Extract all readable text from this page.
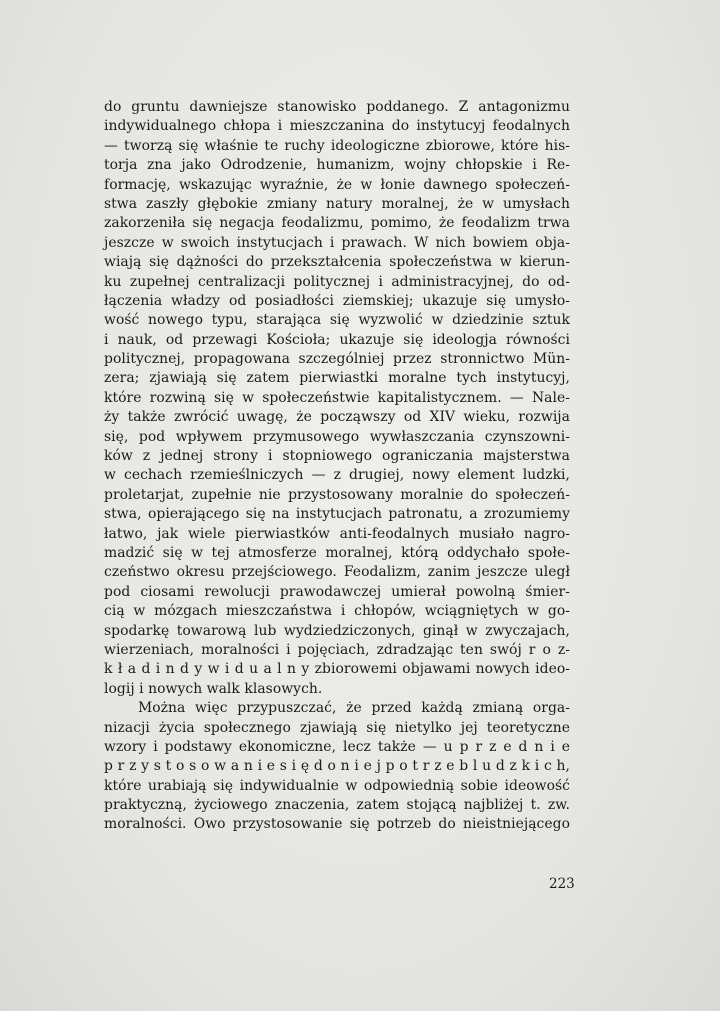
do gruntu dawniejsze stanowisko poddanego. Z antagonizmu
indywidualnego chłopa i mieszczanina do instytucyj feodalnych
— tworzą się właśnie te ruchy ideologiczne zbiorowe, które his-
torja zna jako Odrodzenie, humanizm, wojny chłopskie i Re-
formację, wskazując wyraźnie, że w łonie dawnego społeczeń-
stwa zaszły głębokie zmiany natury moralnej, że w umysłach
zakorzeniła się negacja feodalizmu, pomimo, że feodalizm trwa
jeszcze w swoich instytucjach i prawach. W nich bowiem obja-
wiają się dążności do przekształcenia społeczeństwa w kierun-
ku zupełnej centralizacji politycznej i administracyjnej, do od-
łączenia władzy od posiadłości ziemskiej; ukazuje się umysło-
wość nowego typu, starająca się wyzwolić w dziedzinie sztuk
i nauk, od przewagi Kościoła; ukazuje się ideologja równości
politycznej, propagowana szczególniej przez stronnictwo Mün-
zera; zjawiają się zatem pierwiastki moralne tych instytucyj,
które rozwiną się w społeczeństwie kapitalistycznem. — Nale-
ży także zwrócić uwagę, że począwszy od XIV wieku, rozwija
się, pod wpływem przymusowego wywłaszczania czynszowni-
ków z jednej strony i stopniowego ograniczania majsterstwa
w cechach rzemieślniczych — z drugiej, nowy element ludzki,
proletarjat, zupełnie nie przystosowany moralnie do społeczeń-
stwa, opierającego się na instytucjach patronatu, a zrozumiemy
łatwo, jak wiele pierwiastków anti-feodalnych musiało nagro-
madzić się w tej atmosferze moralnej, którą oddychało społe-
czeństwo okresu przejściowego. Feodalizm, zanim jeszcze uległ
pod ciosami rewolucji prawodawczej umierał powolną śmier-
cią w mózgach mieszczaństwa i chłopów, wciągniętych w go-
spodarkę towarową lub wydziedziczonych, ginął w zwyczajach,
wierzeniach, moralności i pojęciach, zdradzając ten swój r o z-
k ł a d i n d y w i d u a l n y zbiorowemi objawami nowych ideo-
logij i nowych walk klasowych.
Można więc przypuszczać, że przed każdą zmianą orga-
nizacji życia społecznego zjawiają się nietylko jej teoretyczne
wzory i podstawy ekonomiczne, lecz także — u p r z e d n i e
p r z y s t o s o w a n i e s i ę d o n i e j p o t r z e b l u d z k i c h,
które urabiają się indywidualnie w odpowiednią sobie ideowość
praktyczną, życiowego znaczenia, zatem stojącą najbliżej t. zw.
moralności. Owo przystosowanie się potrzeb do nieistniejącego
223
